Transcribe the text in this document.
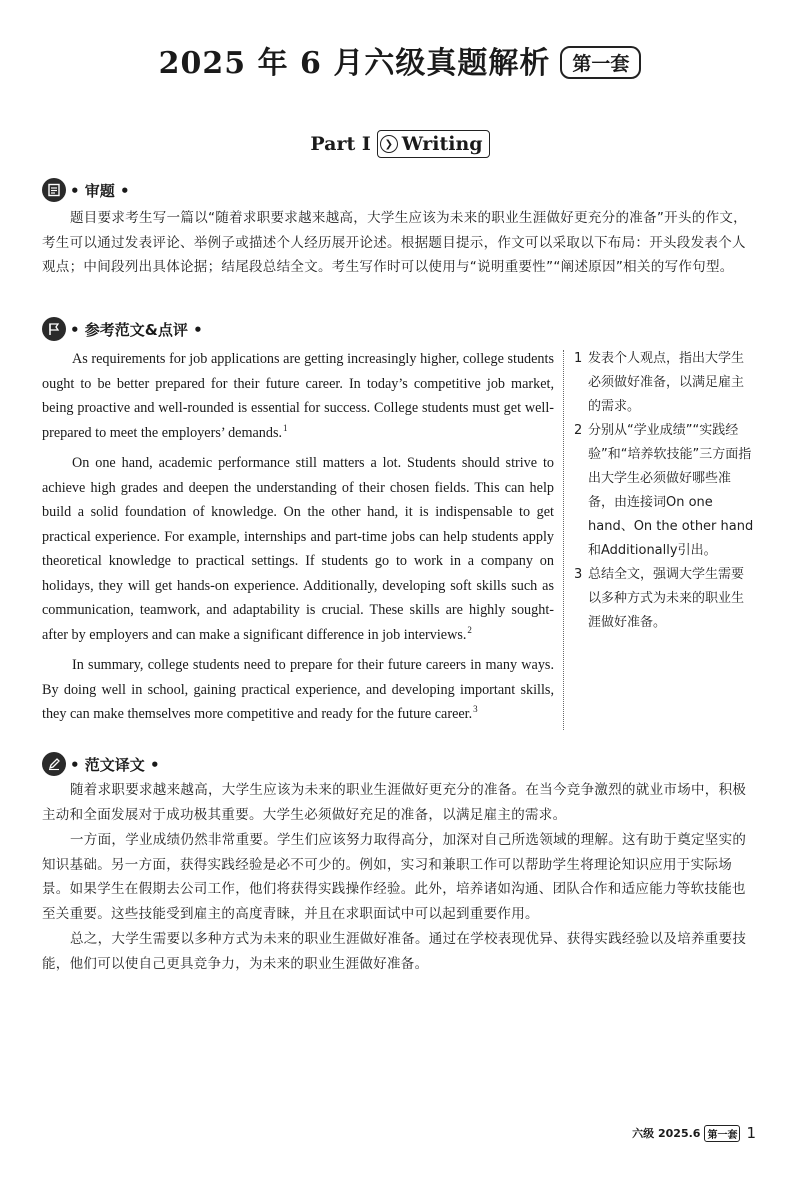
2025 年 6 月六级真题解析	第一套
Part I	❯ Writing
• 审题 •

题目要求考生写一篇以“随着求职要求越来越高，大学生应该为未来的职业生涯做好更充分的准备”开头的作文，考生可以通过发表评论、举例子或描述个人经历展开论述。根据题目提示，作文可以采取以下布局：开头段发表个人观点；中间段列出具体论据；结尾段总结全文。考生写作时可以使用与“说明重要性”“阐述原因”相关的写作句型。

• 参考范文&点评 •

As requirements for job applications are getting increasingly higher, college students ought to be better prepared for their future career. In today’s competitive job market, being proactive and well-rounded is essential for success. College students must get well-prepared to meet the employers’ demands.$^1$

On one hand, academic performance still matters a lot. Students should strive to achieve high grades and deepen the understanding of their chosen fields. This can help build a solid foundation of knowledge. On the other hand, it is indispensable to get practical experience. For example, internships and part-time jobs can help students apply theoretical knowledge to practical settings. If students go to work in a company on holidays, they will get hands-on experience. Additionally, developing soft skills such as communication, teamwork, and adaptability is crucial. These skills are highly sought-after by employers and can make a significant difference in job interviews.$^2$

In summary, college students need to prepare for their future careers in many ways. By doing well in school, gaining practical experience, and developing important skills, they can make themselves more competitive and ready for the future career.$^3$

1 发表个人观点，指出大学生必须做好准备，以满足雇主的需求。
2 分别从“学业成绩”“实践经验”和“培养软技能”三方面指出大学生必须做好哪些准备，由连接词On one hand、On the other hand和Additionally引出。
3 总结全文，强调大学生需要以多种方式为未来的职业生涯做好准备。
• 范文译文 •

随着求职要求越来越高，大学生应该为未来的职业生涯做好更充分的准备。在当今竞争激烈的就业市场中，积极主动和全面发展对于成功极其重要。大学生必须做好充足的准备，以满足雇主的需求。

一方面，学业成绩仍然非常重要。学生们应该努力取得高分，加深对自己所选领域的理解。这有助于奠定坚实的知识基础。另一方面，获得实践经验是必不可少的。例如，实习和兼职工作可以帮助学生将理论知识应用于实际场景。如果学生在假期去公司工作，他们将获得实践操作经验。此外，培养诸如沟通、团队合作和适应能力等软技能也至关重要。这些技能受到雇主的高度青睐，并且在求职面试中可以起到重要作用。

总之，大学生需要以多种方式为未来的职业生涯做好准备。通过在学校表现优异、获得实践经验以及培养重要技能，他们可以使自己更具竞争力，为未来的职业生涯做好准备。

六级 2025.6 第一套 1
